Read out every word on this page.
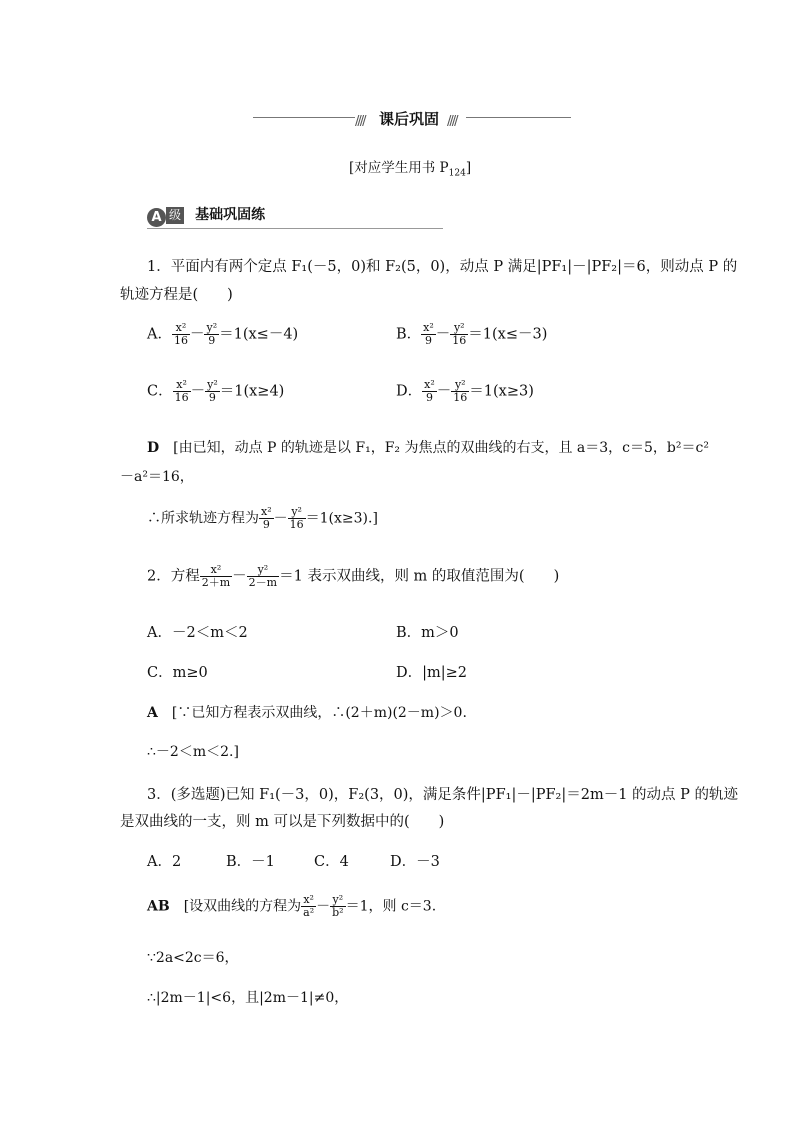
//// 课后巩固 ////
[对应学生用书 $P_{124}$]
A 级 基础巩固练
1．平面内有两个定点 F₁(－5，0)和 F₂(5，0)，动点 P 满足|PF₁|－|PF₂|＝6，则动点 P 的
轨迹方程是(　　)
A． $\frac{\text{x²}}{16} - \frac{\text{y²}}{9} =1(x\le-4)$	B． $\frac{\text{x²}}{9} - \frac{\text{y²}}{16} =1(x\le-3)$
C． $\frac{\text{x²}}{16} - \frac{\text{y²}}{9} =1(x\ge 4)$	D． $\frac{\text{x²}}{9} - \frac{\text{y²}}{16} =1(x\ge 3)$
D　 [由已知，动点 P 的轨迹是以 F₁，F₂ 为焦点的双曲线的右支，且 a＝3，c＝5，b²＝c²
－a²＝16，
∴所求轨迹方程为 $\frac{\text{x²}}{9} - \frac{\text{y²}}{16} =1(x\ge 3)$.]
2．方程 $\frac{\text{x²}}{2+m} - \frac{\text{y²}}{2-m} =1$ 表示双曲线，则 m 的取值范围为(　　)
A．－2＜m＜2	B．m＞0
C．m≥0	D．|m|≥2
A　 [∵已知方程表示双曲线，∴(2＋m)(2－m)＞0.
∴－2＜m＜2.]
3．(多选题)已知 F₁(－3，0)，F₂(3，0)，满足条件|PF₁|－|PF₂|＝2m－1 的动点 P 的轨迹
是双曲线的一支，则 m 可以是下列数据中的(　　)
A．2	B．－1	C．4	D．－3
AB　 [设双曲线的方程为 $\frac{\text{x²}}{\text{a²}} - \frac{\text{y²}}{\text{b²}} =1$，则 c＝3.
∵2a<2c＝6，
∴|2m－1|<6，且|2m－1|≠0，
